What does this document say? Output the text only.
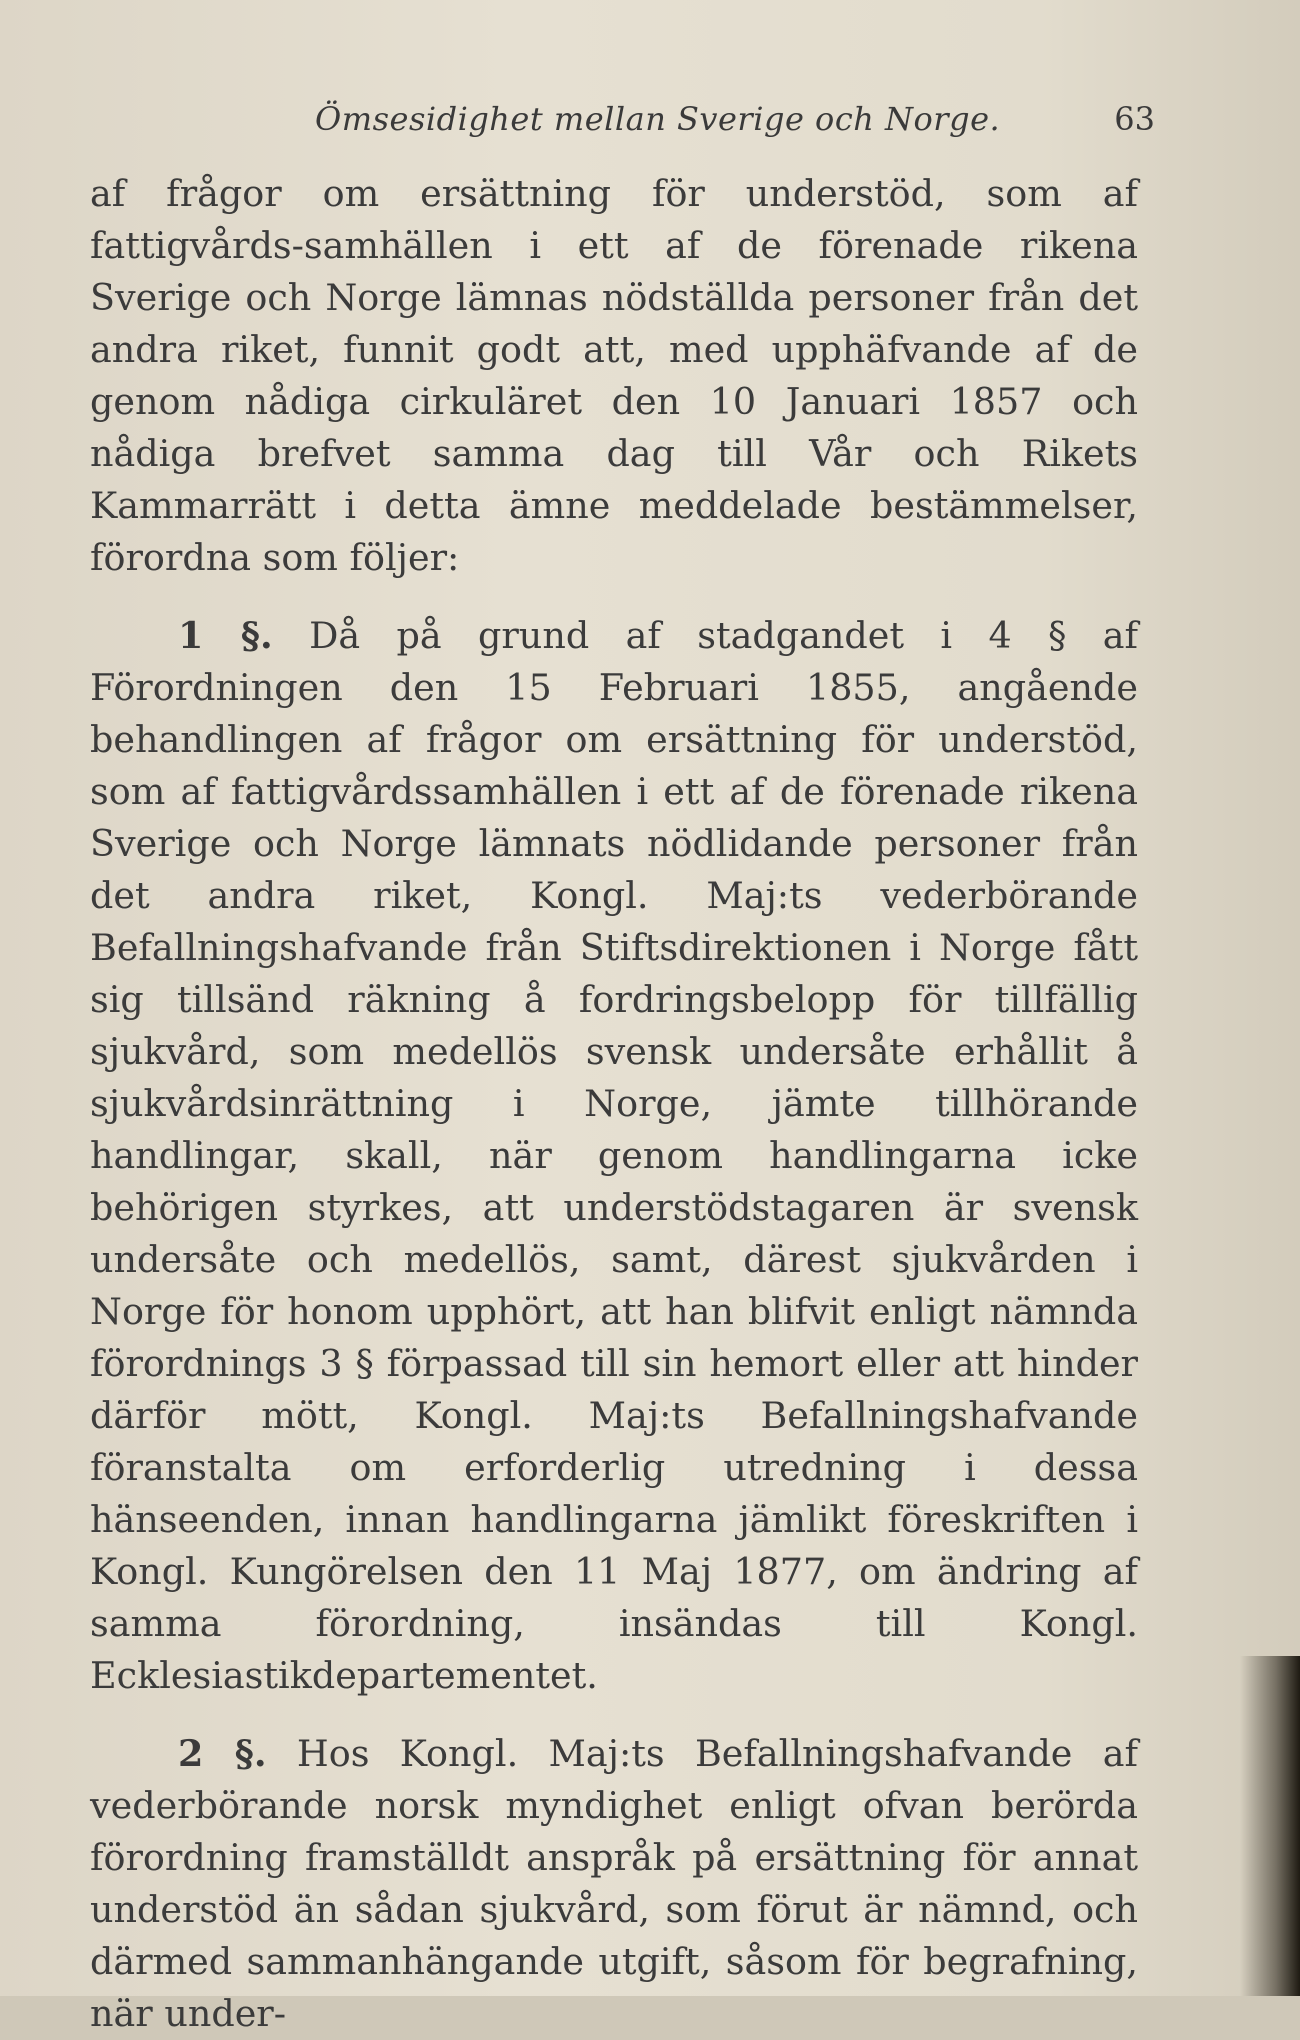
Ömsesidighet mellan Sverige och Norge.	63

af frågor om ersättning för understöd, som af fattigvårds-samhällen i ett af de förenade rikena Sverige och Norge lämnas nödställda personer från det andra riket, funnit godt att, med upphäfvande af de genom nådiga cirkuläret den 10 Januari 1857 och nådiga brefvet samma dag till Vår och Rikets Kammarrätt i detta ämne meddelade bestämmelser, förordna som följer:

1 §. Då på grund af stadgandet i 4 § af Förordningen den 15 Februari 1855, angående behandlingen af frågor om ersättning för understöd, som af fattigvårdssamhällen i ett af de förenade rikena Sverige och Norge lämnats nödlidande personer från det andra riket, Kongl. Maj:ts vederbörande Befallningshafvande från Stiftsdirektionen i Norge fått sig tillsänd räkning å fordringsbelopp för tillfällig sjukvård, som medellös svensk undersåte erhållit å sjukvårdsinrättning i Norge, jämte tillhörande handlingar, skall, när genom handlingarna icke behörigen styrkes, att understödstagaren är svensk undersåte och medellös, samt, därest sjukvården i Norge för honom upphört, att han blifvit enligt nämnda förordnings 3 § förpassad till sin hemort eller att hinder därför mött, Kongl. Maj:ts Befallningshafvande föranstalta om erforderlig utredning i dessa hänseenden, innan handlingarna jämlikt föreskriften i Kongl. Kungörelsen den 11 Maj 1877, om ändring af samma förordning, insändas till Kongl. Ecklesiastikdepartementet.

2 §. Hos Kongl. Maj:ts Befallningshafvande af vederbörande norsk myndighet enligt ofvan berörda förordning framställdt anspråk på ersättning för annat understöd än sådan sjukvård, som förut är nämnd, och därmed sammanhängande utgift, såsom för begrafning, när under-
